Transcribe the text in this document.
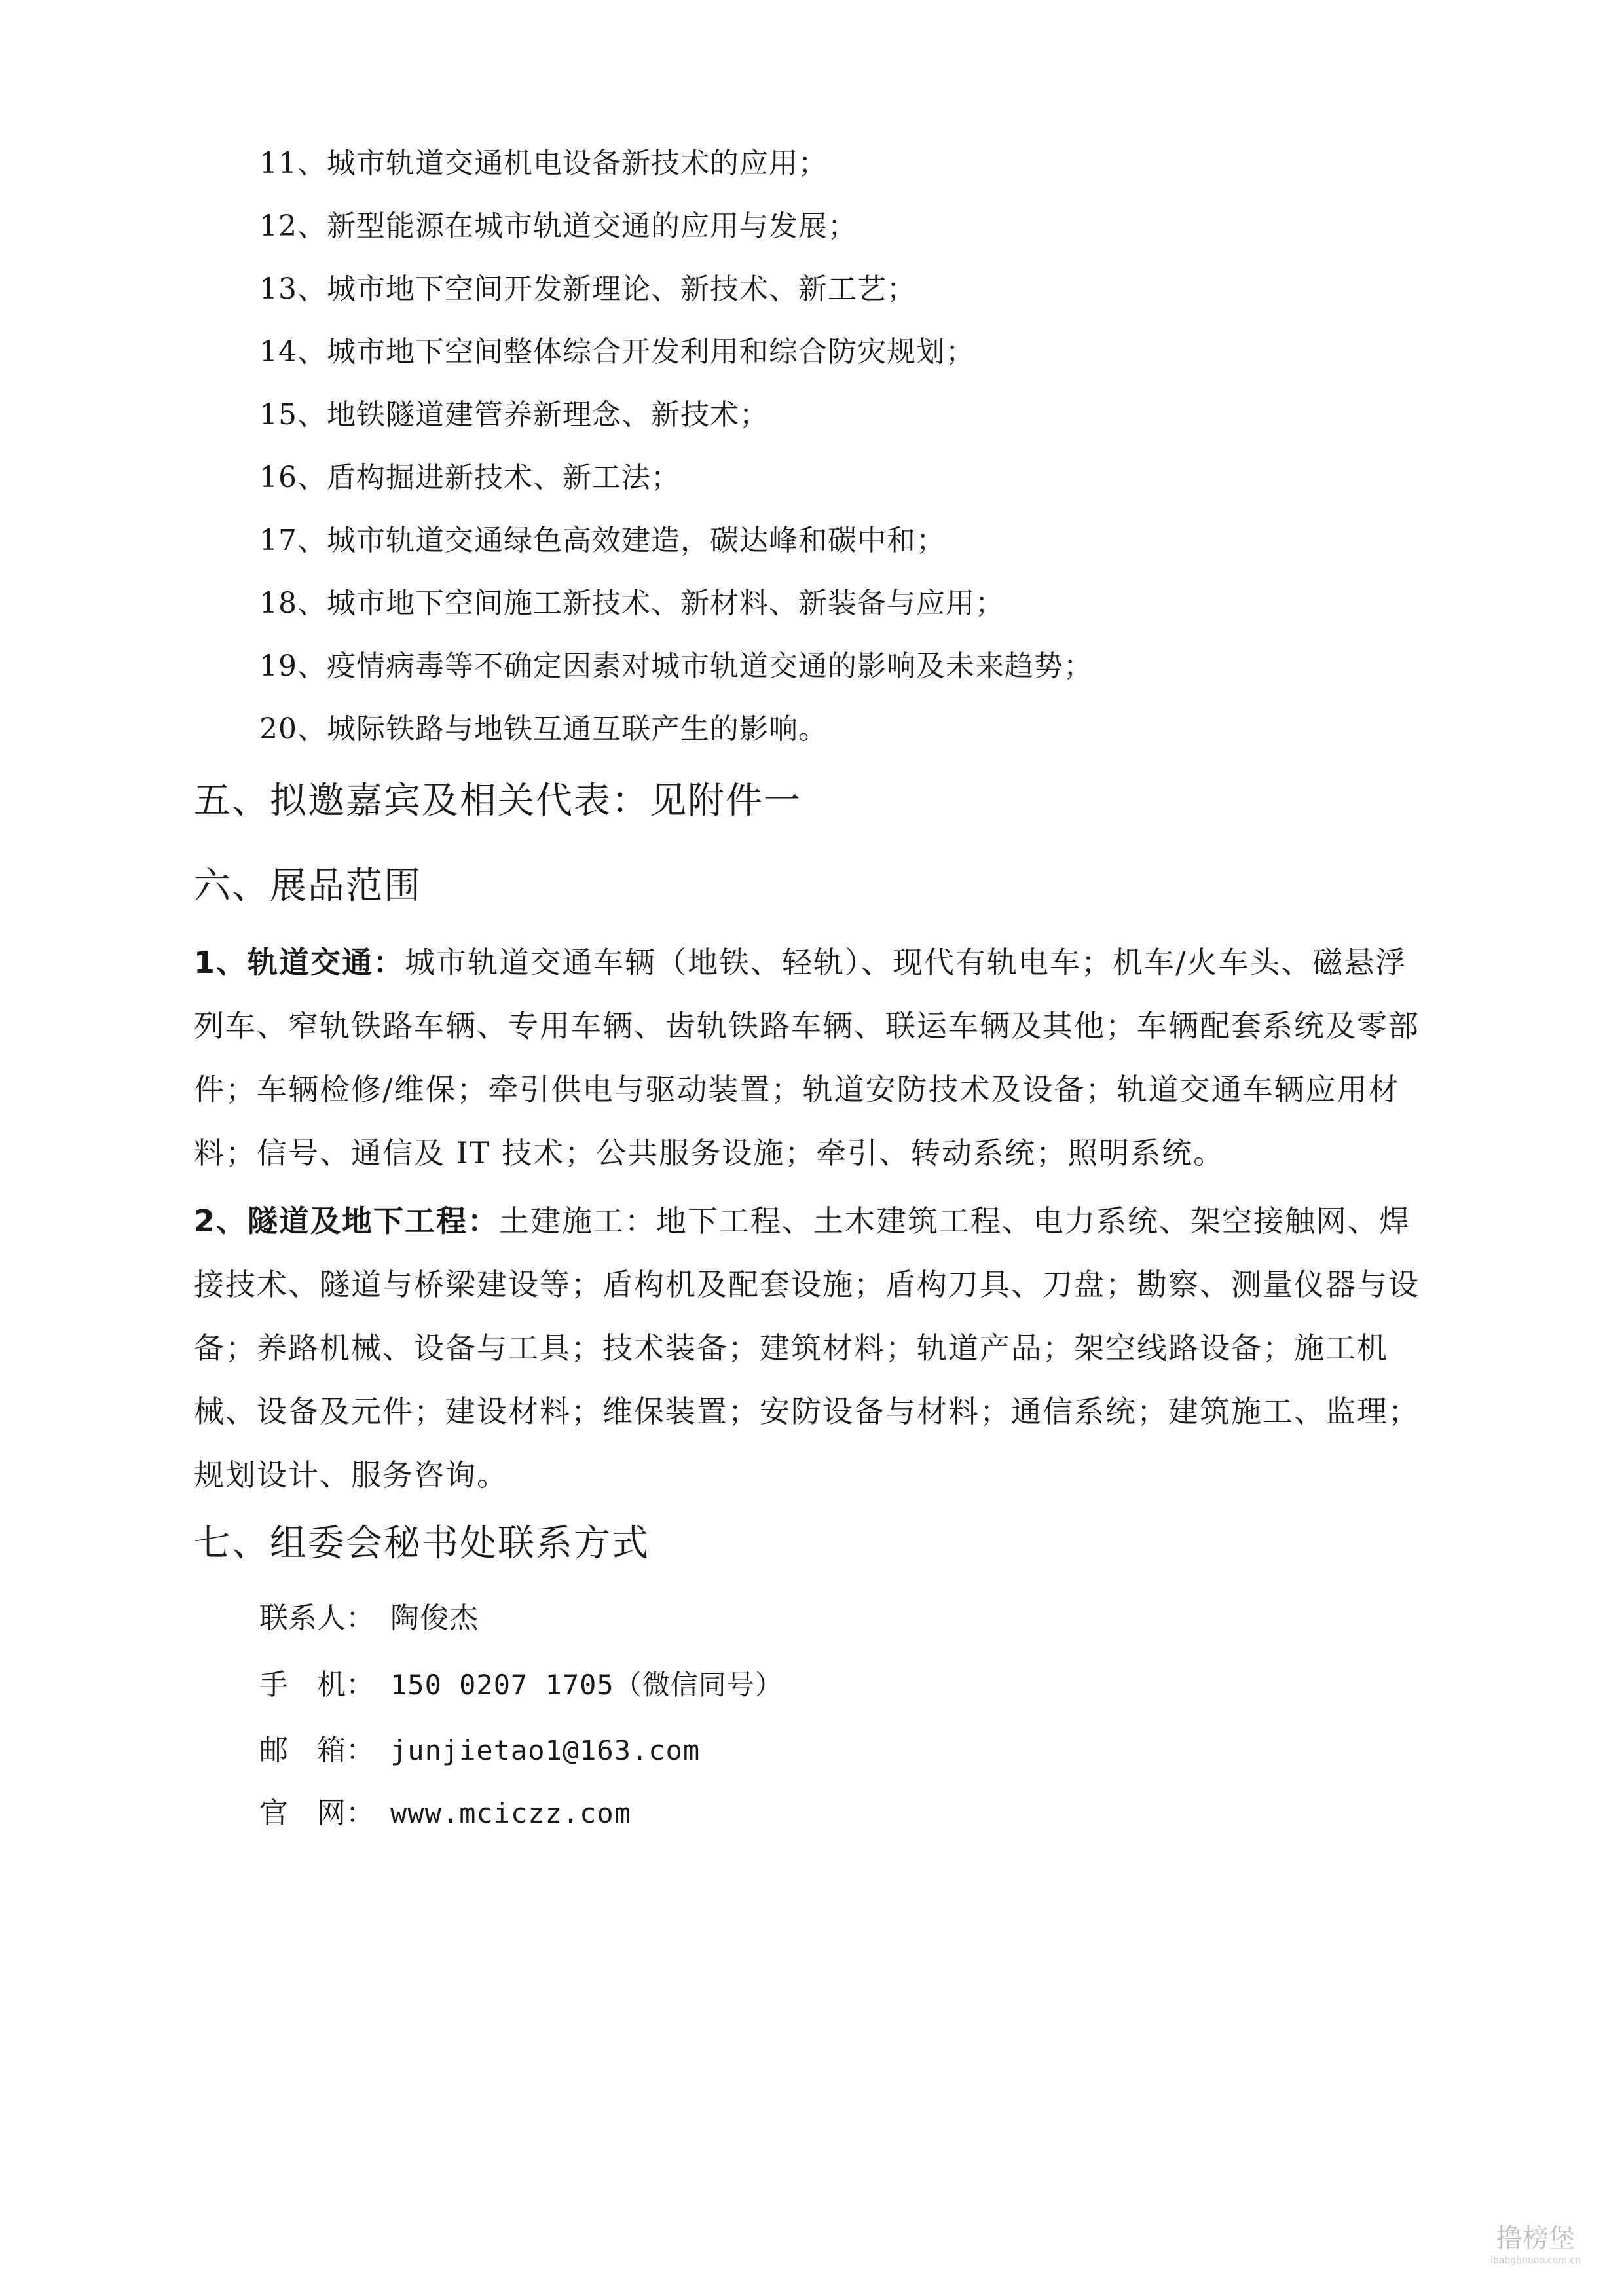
11、城市轨道交通机电设备新技术的应用；
12、新型能源在城市轨道交通的应用与发展；
13、城市地下空间开发新理论、新技术、新工艺；
14、城市地下空间整体综合开发利用和综合防灾规划；
15、地铁隧道建管养新理念、新技术；
16、盾构掘进新技术、新工法；
17、城市轨道交通绿色高效建造，碳达峰和碳中和；
18、城市地下空间施工新技术、新材料、新装备与应用；
19、疫情病毒等不确定因素对城市轨道交通的影响及未来趋势；
20、城际铁路与地铁互通互联产生的影响。
五、拟邀嘉宾及相关代表：见附件一
六、展品范围
1、轨道交通：城市轨道交通车辆（地铁、轻轨）、现代有轨电车；机车/火车头、磁悬浮列车、窄轨铁路车辆、专用车辆、齿轨铁路车辆、联运车辆及其他；车辆配套系统及零部件；车辆检修/维保；牵引供电与驱动装置；轨道安防技术及设备；轨道交通车辆应用材料；信号、通信及 IT 技术；公共服务设施；牵引、转动系统；照明系统。
2、隧道及地下工程：土建施工：地下工程、土木建筑工程、电力系统、架空接触网、焊接技术、隧道与桥梁建设等；盾构机及配套设施；盾构刀具、刀盘；勘察、测量仪器与设备；养路机械、设备与工具；技术装备；建筑材料；轨道产品；架空线路设备；施工机械、设备及元件；建设材料；维保装置；安防设备与材料；通信系统；建筑施工、监理；规划设计、服务咨询。
七、组委会秘书处联系方式
联系人： 陶俊杰
手　机： 150 0207 1705（微信同号）
邮　箱： junjietao1@163.com
官　网： www.mciczz.com
撸榜堡
lbabgbnuoo.com.cn
